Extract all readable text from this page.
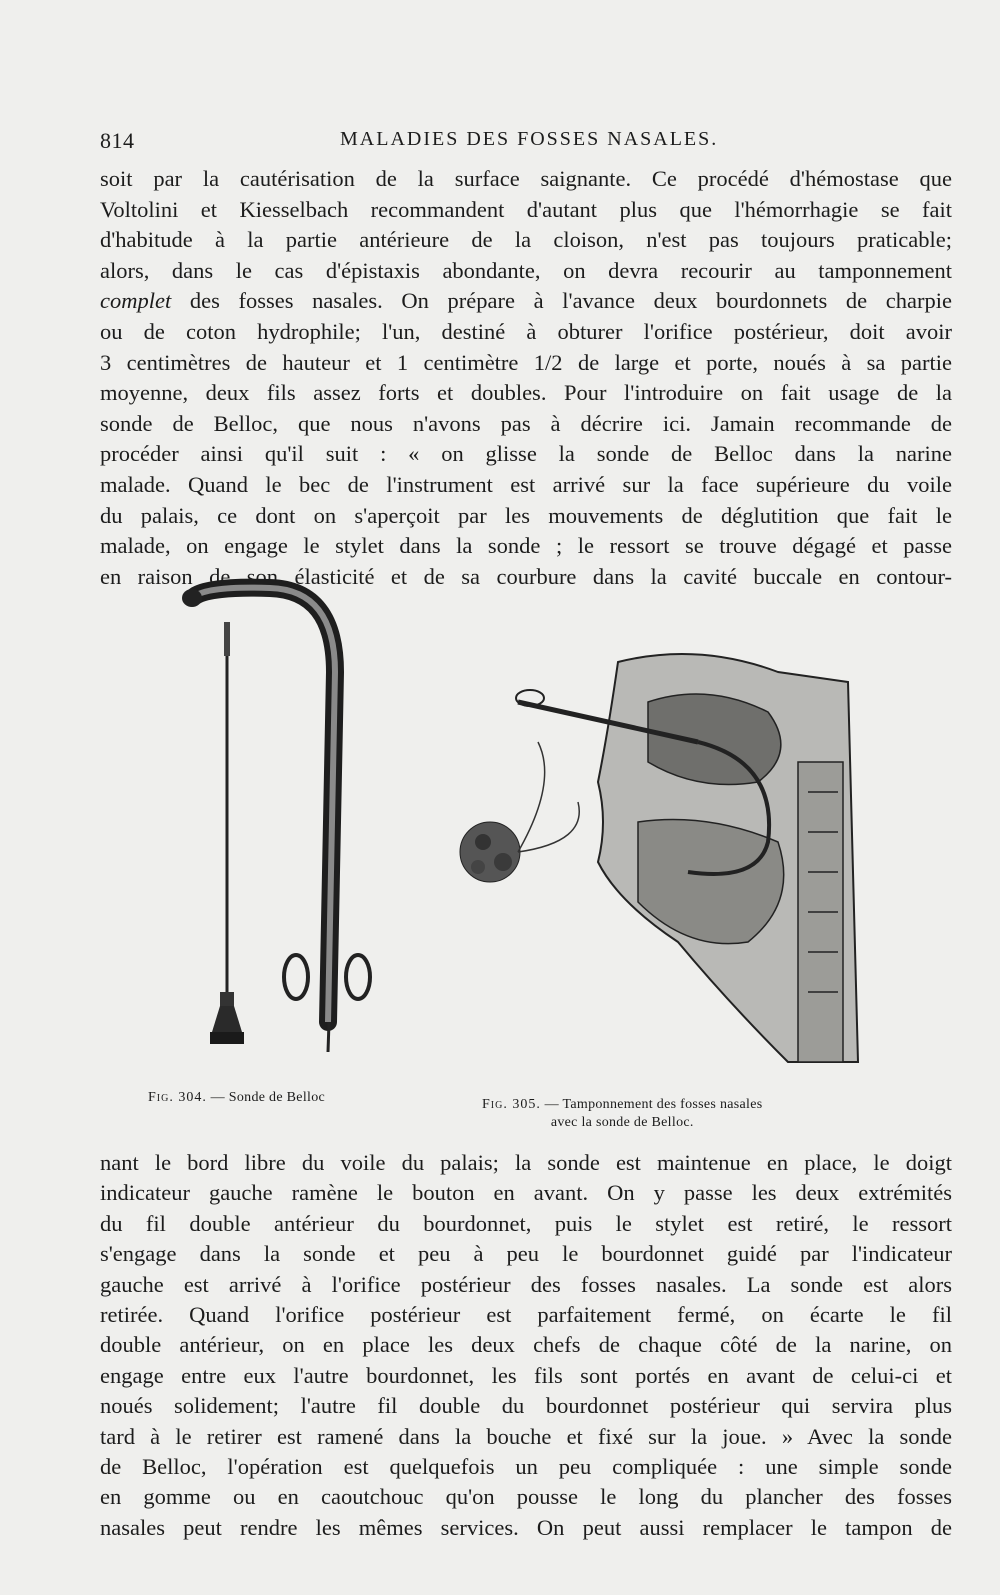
814	MALADIES DES FOSSES NASALES.
soit par la cautérisation de la surface saignante. Ce procédé d'hémostase que
Voltolini et Kiesselbach recommandent d'autant plus que l'hémorrhagie se fait
d'habitude à la partie antérieure de la cloison, n'est pas toujours praticable;
alors, dans le cas d'épistaxis abondante, on devra recourir au tamponnement
complet des fosses nasales. On prépare à l'avance deux bourdonnets de charpie
ou de coton hydrophile; l'un, destiné à obturer l'orifice postérieur, doit avoir
3 centimètres de hauteur et 1 centimètre 1/2 de large et porte, noués à sa partie
moyenne, deux fils assez forts et doubles. Pour l'introduire on fait usage de la
sonde de Belloc, que nous n'avons pas à décrire ici. Jamain recommande de
procéder ainsi qu'il suit : « on glisse la sonde de Belloc dans la narine
malade. Quand le bec de l'instrument est arrivé sur la face supérieure du voile
du palais, ce dont on s'aperçoit par les mouvements de déglutition que fait le
malade, on engage le stylet dans la sonde ; le ressort se trouve dégagé et passe
en raison de son élasticité et de sa courbure dans la cavité buccale en contour-
Fig. 304. — Sonde de Belloc	Fig. 305. — Tamponnement des fosses nasales
avec la sonde de Belloc.
nant le bord libre du voile du palais; la sonde est maintenue en place, le doigt
indicateur gauche ramène le bouton en avant. On y passe les deux extrémités
du fil double antérieur du bourdonnet, puis le stylet est retiré, le ressort
s'engage dans la sonde et peu à peu le bourdonnet guidé par l'indicateur
gauche est arrivé à l'orifice postérieur des fosses nasales. La sonde est alors
retirée. Quand l'orifice postérieur est parfaitement fermé, on écarte le fil
double antérieur, on en place les deux chefs de chaque côté de la narine, on
engage entre eux l'autre bourdonnet, les fils sont portés en avant de celui-ci et
noués solidement; l'autre fil double du bourdonnet postérieur qui servira plus
tard à le retirer est ramené dans la bouche et fixé sur la joue. » Avec la sonde
de Belloc, l'opération est quelquefois un peu compliquée : une simple sonde
en gomme ou en caoutchouc qu'on pousse le long du plancher des fosses
nasales peut rendre les mêmes services. On peut aussi remplacer le tampon de
